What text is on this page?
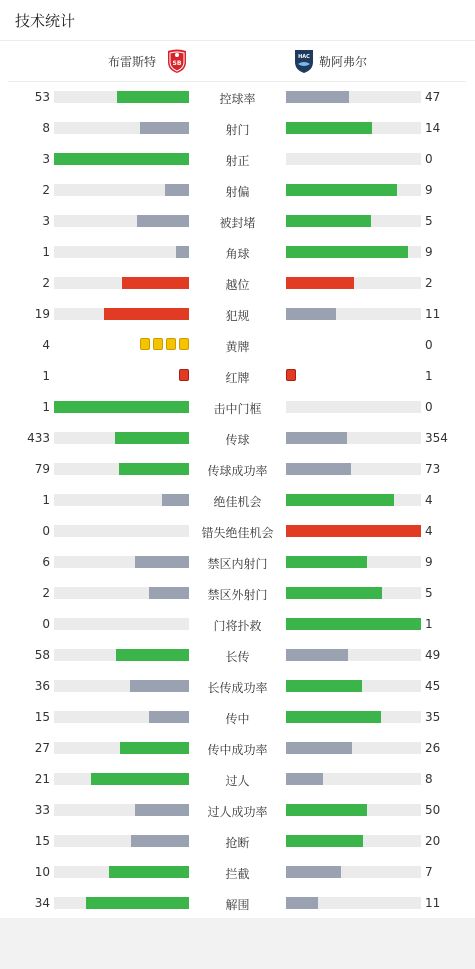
技术统计
布雷斯特	SB
HAC 勒阿弗尔
53	控球率	47
8	射门	14
3	射正	0
2	射偏	9
3	被封堵	5
1	角球	9
2	越位	2
19	犯规	11
4	黄牌	0
1	红牌	1
1	击中门框	0
433	传球	354
79	传球成功率	73
1	绝佳机会	4
0	错失绝佳机会	4
6	禁区内射门	9
2	禁区外射门	5
0	门将扑救	1
58	长传	49
36	长传成功率	45
15	传中	35
27	传中成功率	26
21	过人	8
33	过人成功率	50
15	抢断	20
10	拦截	7
34	解围	11
